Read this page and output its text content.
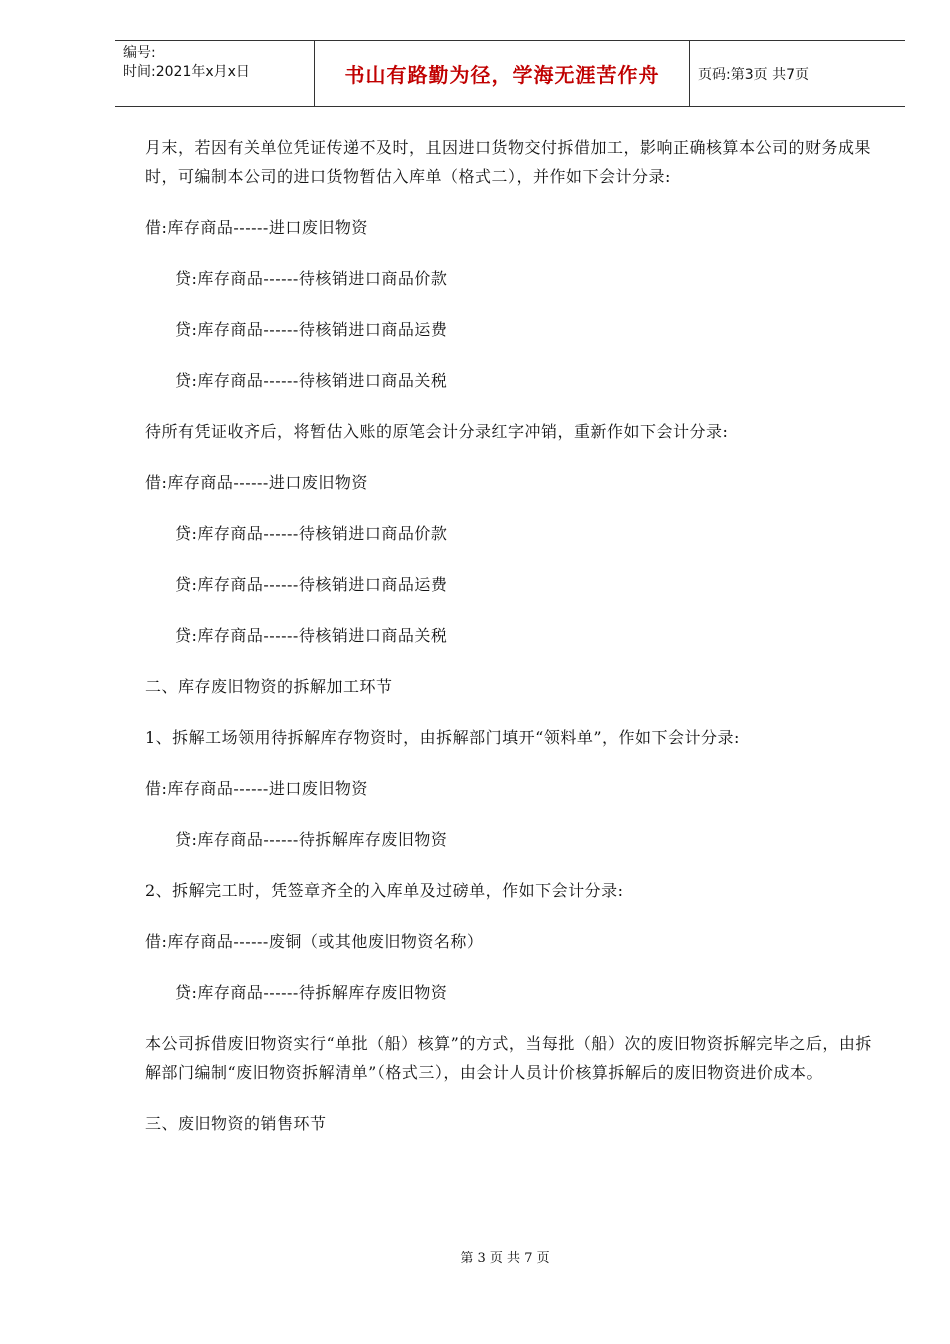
编号:
时间:2021年x月x日	书山有路勤为径，学海无涯苦作舟	页码:第3页 共7页
月末，若因有关单位凭证传递不及时，且因进口货物交付拆借加工，影响正确核算本公司的财务成果时，可编制本公司的进口货物暂估入库单（格式二），并作如下会计分录:
借:库存商品------进口废旧物资
贷:库存商品------待核销进口商品价款
贷:库存商品------待核销进口商品运费
贷:库存商品------待核销进口商品关税
待所有凭证收齐后，将暂估入账的原笔会计分录红字冲销，重新作如下会计分录:
借:库存商品------进口废旧物资
贷:库存商品------待核销进口商品价款
贷:库存商品------待核销进口商品运费
贷:库存商品------待核销进口商品关税
二、库存废旧物资的拆解加工环节
1、拆解工场领用待拆解库存物资时，由拆解部门填开“领料单”，作如下会计分录:
借:库存商品------进口废旧物资
贷:库存商品------待拆解库存废旧物资
2、拆解完工时，凭签章齐全的入库单及过磅单，作如下会计分录:
借:库存商品------废铜（或其他废旧物资名称）
贷:库存商品------待拆解库存废旧物资
本公司拆借废旧物资实行“单批（船）核算”的方式，当每批（船）次的废旧物资拆解完毕之后，由拆解部门编制“废旧物资拆解清单”（格式三），由会计人员计价核算拆解后的废旧物资进价成本。
三、废旧物资的销售环节
第 3 页 共 7 页
